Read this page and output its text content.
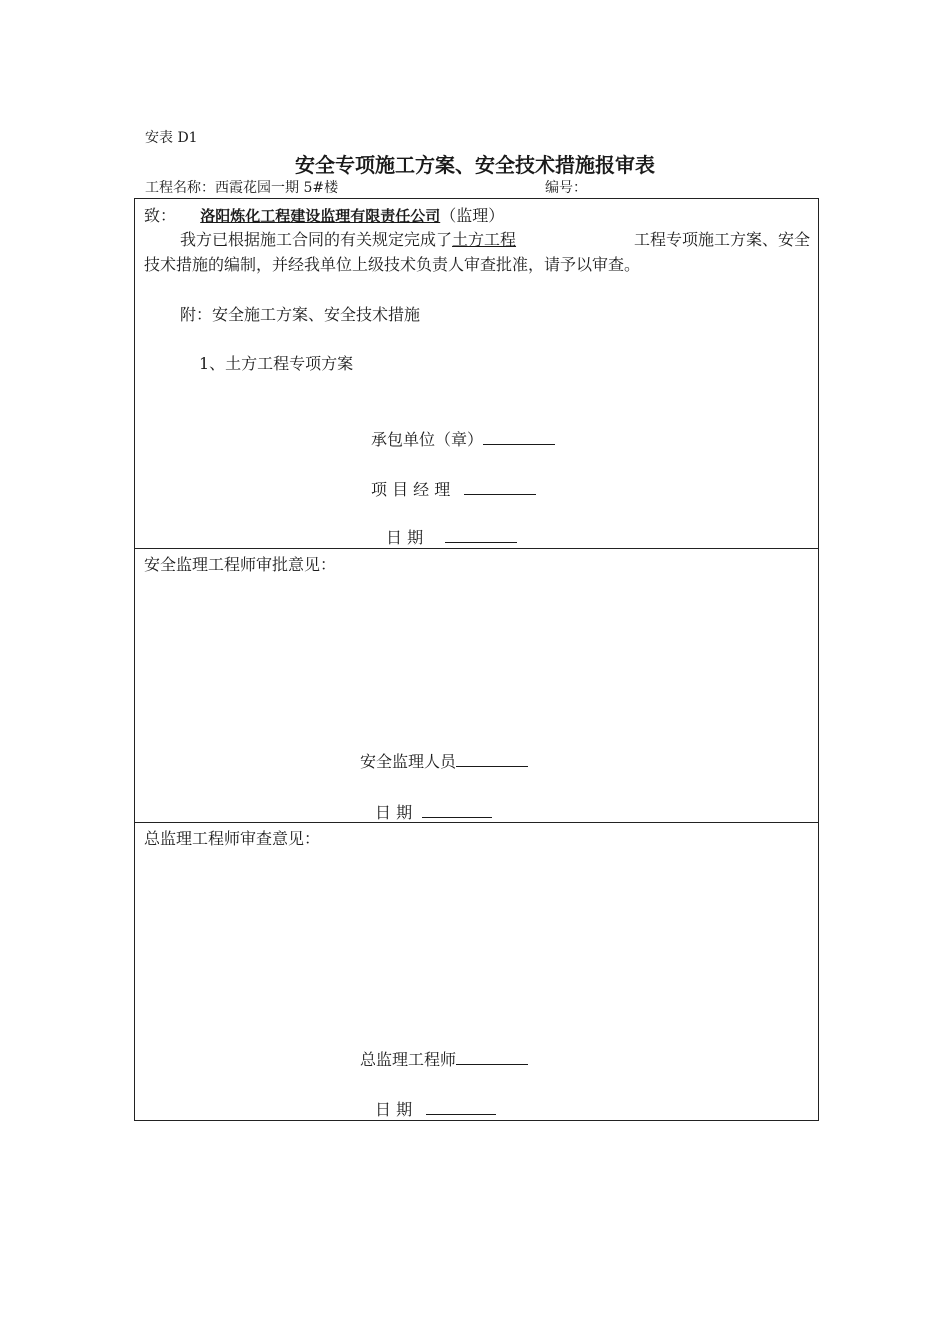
安表 D1
安全专项施工方案、安全技术措施报审表
工程名称：西霞花园一期 5#楼	编号：
致： 洛阳炼化工程建设监理有限责任公司（监理）
我方已根据施工合同的有关规定完成了土方工程	工程专项施工方案、安全技术措施的编制，并经我单位上级技术负责人审查批准，请予以审查。
附：安全施工方案、安全技术措施
1、土方工程专项方案
承包单位（章）
项 目 经 理
日 期
安全监理工程师审批意见：
安全监理人员
日 期
总监理工程师审查意见：
总监理工程师
日 期
